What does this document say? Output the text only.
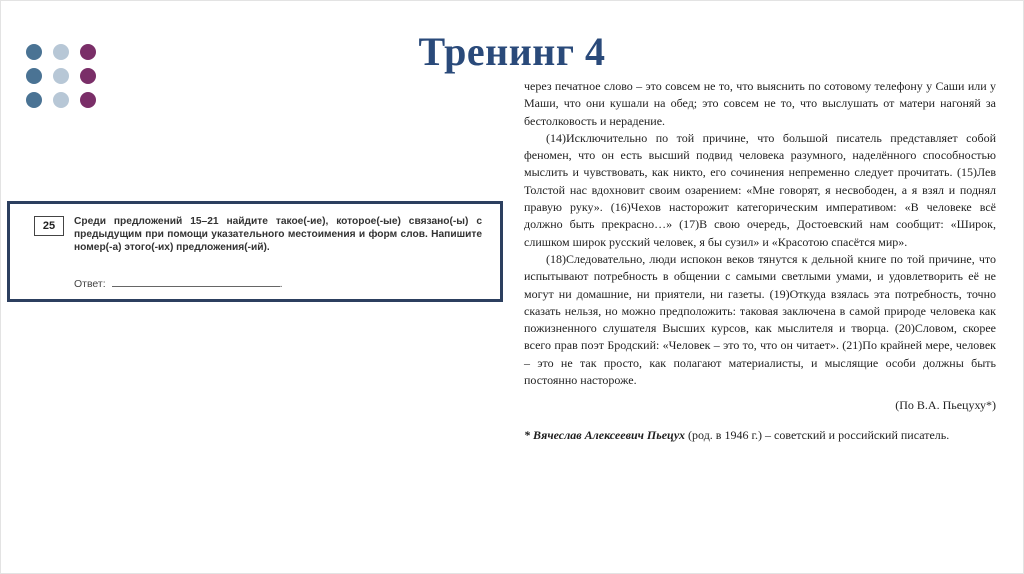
Тренинг 4
25	Среди предложений 15–21 найдите такое(-ие), которое(-ые) связано(-ы) с предыдущим при помощи указательного местоимения и форм слов. Напишите номер(-а) этого(-их) предложения(-ий).
Ответ:	.

через печатное слово – это совсем не то, что выяснить по сотовому телефону у Саши или у Маши, что они кушали на обед; это совсем не то, что выслушать от матери нагоняй за бестолковость и нерадение.

(14)Исключительно по той причине, что большой писатель представляет собой феномен, что он есть высший подвид человека разумного, наделённого способностью мыслить и чувствовать, как никто, его сочинения непременно следует прочитать. (15)Лев Толстой нас вдохновит своим озарением: «Мне говорят, я несвободен, а я взял и поднял правую руку». (16)Чехов насторожит категорическим императивом: «В человеке всё должно быть прекрасно…» (17)В свою очередь, Достоевский нам сообщит: «Широк, слишком широк русский человек, я бы сузил» и «Красотою спасётся мир».

(18)Следовательно, люди испокон веков тянутся к дельной книге по той причине, что испытывают потребность в общении с самыми светлыми умами, и удовлетворить её не могут ни домашние, ни приятели, ни газеты. (19)Откуда взялась эта потребность, точно сказать нельзя, но можно предположить: таковая заключена в самой природе человека как пожизненного слушателя Высших курсов, как мыслителя и творца. (20)Словом, скорее всего прав поэт Бродский: «Человек – это то, что он читает». (21)По крайней мере, человек – это не так просто, как полагают материалисты, и мыслящие особи должны быть постоянно настороже.

(По В.А. Пьецуху*)

* Вячеслав Алексеевич Пьецух (род. в 1946 г.) – советский и российский писатель.
